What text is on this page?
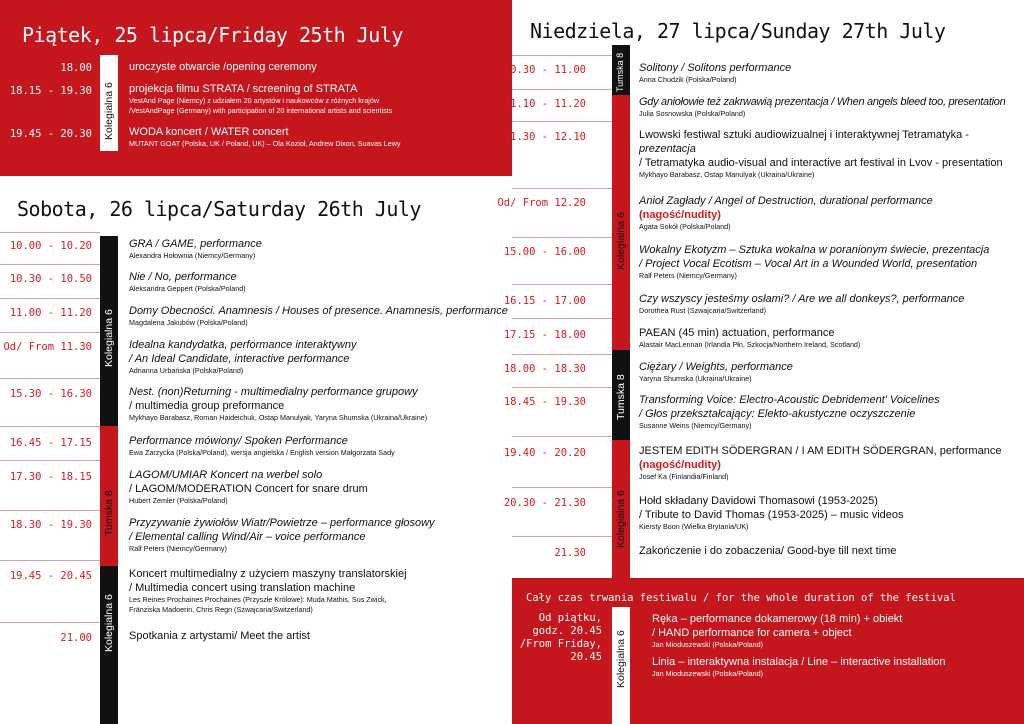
Piątek, 25 lipca/Friday 25th July
Kolegialna 6
18.00	uroczyste otwarcie /opening ceremony
18.15 - 19.30	projekcja filmu STRATA / screening of STRATA
VestAnd Page (Niemcy) z udziałem 20 artystów i naukowców z różnych krajów
/VestAndPage (Germany) with participation of 20 international artists and scientists
19.45 - 20.30	WODA koncert / WATER concert
MUTANT GOAT (Polska, UK / Poland, UK) – Ola Kozioł, Andrew Dixon, Suavas Lewy
Sobota, 26 lipca/Saturday 26th July
Kolegialna 6
Tumska 8
Kolegialna 6
10.00 - 10.20	GRA / GAME, performance
Alexandra Hołownia (Niemcy/Germany)
10.30 - 10.50	Nie / No, performance
Aleksandra Geppert (Polska/Poland)
11.00 - 11.20	Domy Obecności. Anamnesis / Houses of presence. Anamnesis, performance
Magdalena Jakubów (Polska/Poland)
Od/ From 11.30	Idealna kandydatka, performance interaktywny
/ An Ideal Candidate, interactive performance
Adrianna Urbańska (Polska/Poland)
15.30 - 16.30	Nest. (non)Returning - multimedialny performance grupowy
/ multimedia group preformance
Mykhayo Barabasz, Roman Haideichuk, Ostap Manulyak, Yaryna Shumska (Ukraina/Ukraine)
16.45 - 17.15	Performance mówiony/ Spoken Performance
Ewa Zarzycka (Polska/Poland), wersja angielska / English version Małgorzata Sady
17.30 - 18.15	LAGOM/UMIAR Koncert na werbel solo
/ LAGOM/MODERATION Concert for snare drum
Hubert Zemler (Polska/Poland)
18.30 - 19.30	Przyzywanie żywiołów Wiatr/Powietrze – performance głosowy
/ Elemental calling Wind/Air – voice performance
Ralf Peters (Niemcy/Germany)
19.45 - 20.45	Koncert multimedialny z użyciem maszyny translatorskiej
/ Multimedia concert using translation machine
Les Reines Prochaines Prochaines (Przyszłe Królowe): Muda Mathis, Sus Zwick,
Fränziska Madoerin, Chris Regn (Szwajcaria/Switzerland)
21.00	Spotkania z artystami/ Meet the artist
Niedziela, 27 lipca/Sunday 27th July
Tumska 8
Kolegialna 6
Tumska 8
Kolegialna 6
10.30 - 11.00	Solitony / Solitons performance
Anna Chudzik (Polska/Poland)
11.10 - 11.20	Gdy aniołowie też zakrwawią prezentacja / When angels bleed too, presentation
Julia Sosnowska (Polska/Poland)
11.30 - 12.10	Lwowski festiwal sztuki audiowizualnej i interaktywnej Tetramatyka -
prezentacja
/ Tetramatyka audio-visual and interactive art festival in Lvov - presentation
Mykhayo Barabasz, Ostap Manulyak (Ukraina/Ukraine)
Od/ From 12.20	Anioł Zagłady / Angel of Destruction, durational performance
(nagość/nudity)
Agata Sokół (Polska/Poland)
15.00 - 16.00	Wokalny Ekotyzm – Sztuka wokalna w poranionym świecie, prezentacja
/ Project Vocal Ecotism – Vocal Art in a Wounded World, presentation
Ralf Peters (Niemcy/Germany)
16.15 - 17.00	Czy wszyscy jesteśmy osłami? / Are we all donkeys?, performance
Dorothea Rust (Szwajcaria/Switzerland)
17.15 - 18.00	PAEAN (45 min) actuation, performance
Alastair MacLennan (Irlandia Płn, Szkocja/Northern Ireland, Scotland)
18.00 - 18.30	Ciężary / Weights, performance
Yaryna Shumska (Ukraina/Ukraine)
18.45 - 19.30	Transforming Voice: Electro-Acoustic Debridement' Voicelines
/ Głos przekształcający: Elekto-akustyczne oczyszczenie
Susanne Weins (Niemcy/Germany)
19.40 - 20.20	JESTEM EDITH SÖDERGRAN / I AM EDITH SÖDERGRAN, performance
(nagość/nudity)
Josef Ka (Finlandia/Finland)
20.30 - 21.30	Hołd składany Davidowi Thomasowi (1953-2025)
/ Tribute to David Thomas (1953-2025) – music videos
Kiersty Boon (Wielka Brytania/UK)
21.30	Zakończenie i do zobaczenia/ Good-bye till next time
Cały czas trwania festiwalu / for the whole duration of the festival
Kolegialna 6
Od piątku,
godz. 20.45
/From Friday,
20.45
Ręka – performance dokamerowy (18 min) + obiekt
/ HAND performance for camera + object
Jan Mioduszewski (Polska/Poland)
Linia – interaktywna instalacja / Line – interactive installation
Jan Mioduszewski (Polska/Poland)
